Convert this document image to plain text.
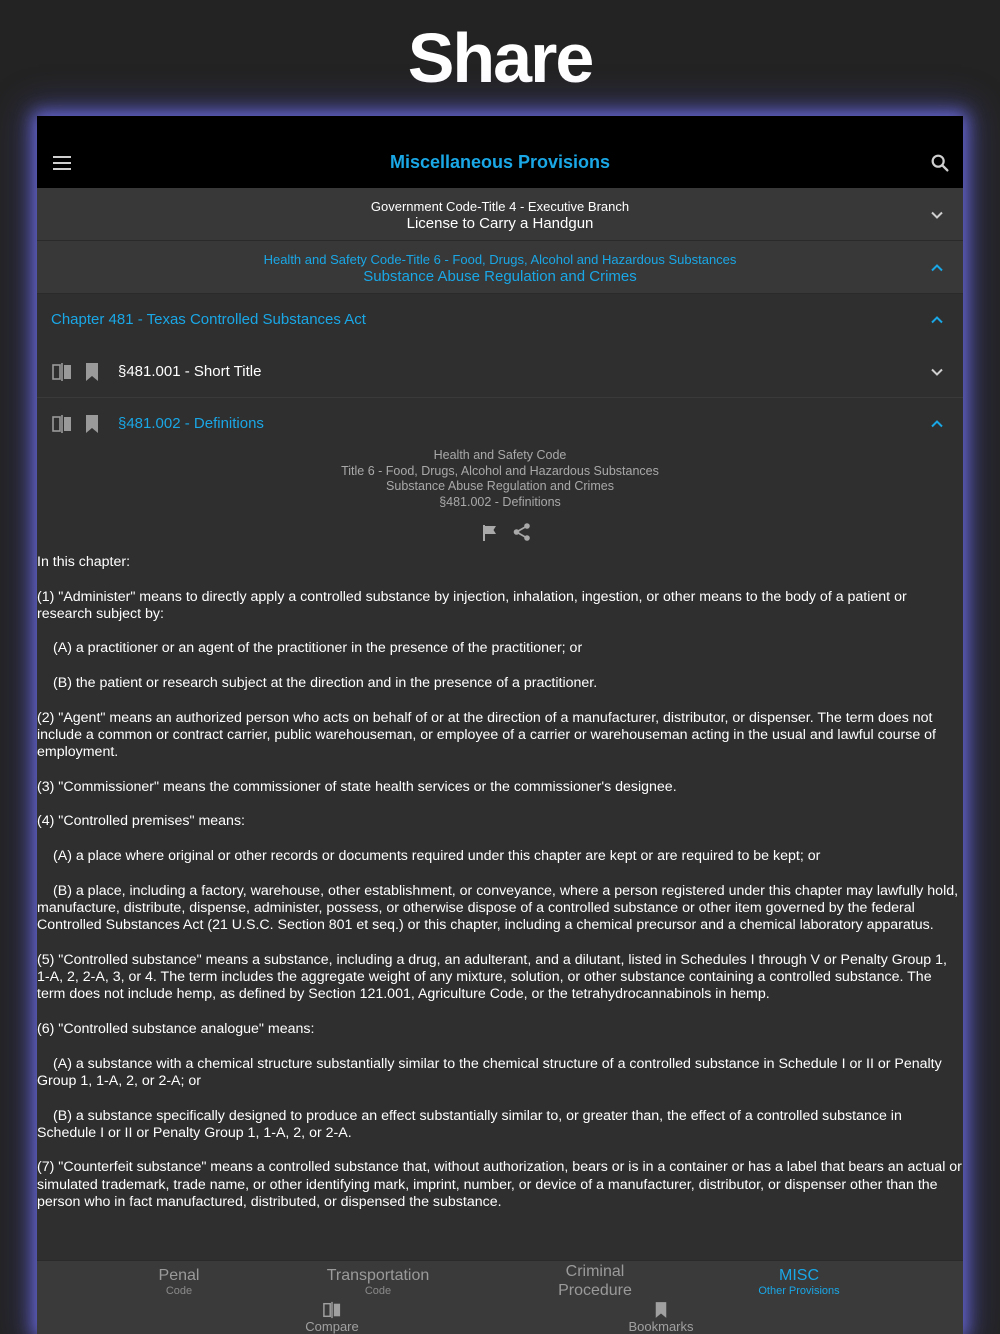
Share
Miscellaneous Provisions
Government Code-Title 4 - Executive Branch
License to Carry a Handgun
Health and Safety Code-Title 6 - Food, Drugs, Alcohol and Hazardous Substances
Substance Abuse Regulation and Crimes
Chapter 481 - Texas Controlled Substances Act
§481.001 - Short Title
§481.002 - Definitions
Health and Safety Code
Title 6 - Food, Drugs, Alcohol and Hazardous Substances
Substance Abuse Regulation and Crimes
§481.002 - Definitions

In this chapter:

(1) "Administer" means to directly apply a controlled substance by injection, inhalation, ingestion, or other means to the body of a patient or research subject by:

(A) a practitioner or an agent of the practitioner in the presence of the practitioner; or

(B) the patient or research subject at the direction and in the presence of a practitioner.

(2) "Agent" means an authorized person who acts on behalf of or at the direction of a manufacturer, distributor, or dispenser. The term does not include a common or contract carrier, public warehouseman, or employee of a carrier or warehouseman acting in the usual and lawful course of employment.

(3) "Commissioner" means the commissioner of state health services or the commissioner's designee.

(4) "Controlled premises" means:

(A) a place where original or other records or documents required under this chapter are kept or are required to be kept; or

(B) a place, including a factory, warehouse, other establishment, or conveyance, where a person registered under this chapter may lawfully hold, manufacture, distribute, dispense, administer, possess, or otherwise dispose of a controlled substance or other item governed by the federal Controlled Substances Act (21 U.S.C. Section 801 et seq.) or this chapter, including a chemical precursor and a chemical laboratory apparatus.

(5) "Controlled substance" means a substance, including a drug, an adulterant, and a dilutant, listed in Schedules I through V or Penalty Group 1, 1-A, 2, 2-A, 3, or 4. The term includes the aggregate weight of any mixture, solution, or other substance containing a controlled substance. The term does not include hemp, as defined by Section 121.001, Agriculture Code, or the tetrahydrocannabinols in hemp.

(6) "Controlled substance analogue" means:

(A) a substance with a chemical structure substantially similar to the chemical structure of a controlled substance in Schedule I or II or Penalty Group 1, 1-A, 2, or 2-A; or

(B) a substance specifically designed to produce an effect substantially similar to, or greater than, the effect of a controlled substance in Schedule I or II or Penalty Group 1, 1-A, 2, or 2-A.

(7) "Counterfeit substance" means a controlled substance that, without authorization, bears or is in a container or has a label that bears an actual or simulated trademark, trade name, or other identifying mark, imprint, number, or device of a manufacturer, distributor, or dispenser other than the person who in fact manufactured, distributed, or dispensed the substance.

Penal
Code
Transportation
Code
Criminal
Procedure
MISC
Other Provisions
Compare	Bookmarks
